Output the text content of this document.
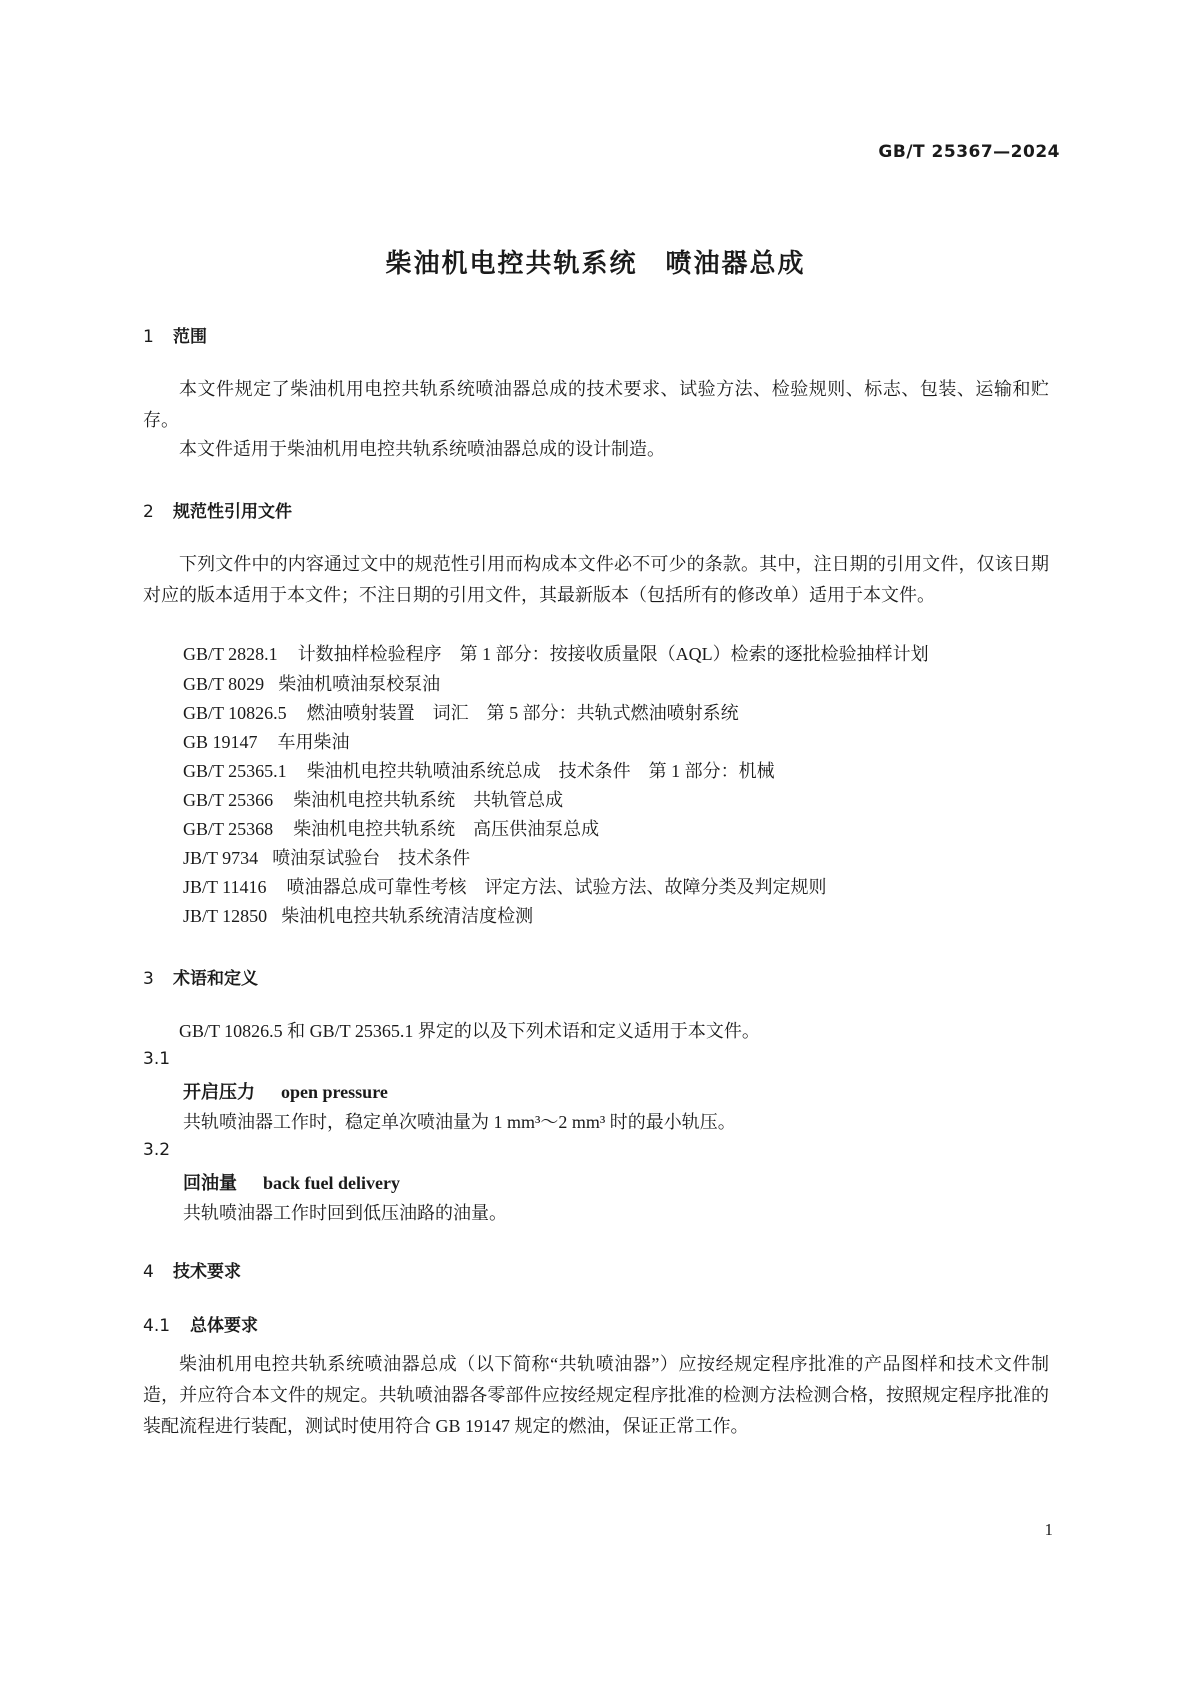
GB/T 25367—2024
柴油机电控共轨系统　喷油器总成
1 范围

本文件规定了柴油机用电控共轨系统喷油器总成的技术要求、试验方法、检验规则、标志、包装、运输和贮存。

本文件适用于柴油机用电控共轨系统喷油器总成的设计制造。

2 规范性引用文件

下列文件中的内容通过文中的规范性引用而构成本文件必不可少的条款。其中，注日期的引用文件，仅该日期对应的版本适用于本文件；不注日期的引用文件，其最新版本（包括所有的修改单）适用于本文件。

GB/T 2828.1 计数抽样检验程序　第 1 部分：按接收质量限（AQL）检索的逐批检验抽样计划
GB/T 8029 柴油机喷油泵校泵油
GB/T 10826.5 燃油喷射装置　词汇　第 5 部分：共轨式燃油喷射系统
GB 19147 车用柴油
GB/T 25365.1 柴油机电控共轨喷油系统总成　技术条件　第 1 部分：机械
GB/T 25366 柴油机电控共轨系统　共轨管总成
GB/T 25368 柴油机电控共轨系统　高压供油泵总成
JB/T 9734 喷油泵试验台　技术条件
JB/T 11416 喷油器总成可靠性考核　评定方法、试验方法、故障分类及判定规则
JB/T 12850 柴油机电控共轨系统清洁度检测
3 术语和定义

GB/T 10826.5 和 GB/T 25365.1 界定的以及下列术语和定义适用于本文件。

3.1
开启压力 open pressure
共轨喷油器工作时，稳定单次喷油量为 1 mm³～2 mm³ 时的最小轨压。
3.2
回油量 back fuel delivery
共轨喷油器工作时回到低压油路的油量。
4 技术要求
4.1 总体要求

柴油机用电控共轨系统喷油器总成（以下简称“共轨喷油器”）应按经规定程序批准的产品图样和技术文件制造，并应符合本文件的规定。共轨喷油器各零部件应按经规定程序批准的检测方法检测合格，按照规定程序批准的装配流程进行装配，测试时使用符合 GB 19147 规定的燃油，保证正常工作。

1
